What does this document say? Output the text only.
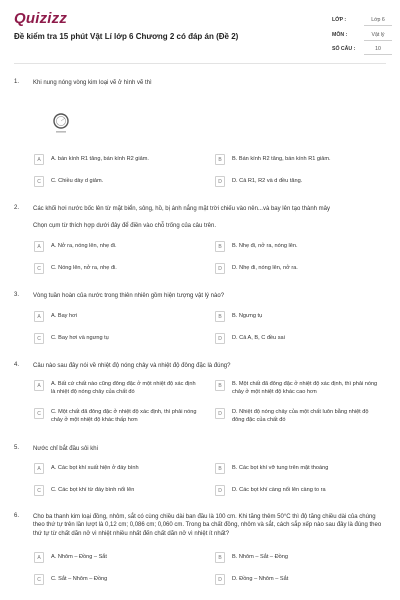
Quizizz
Đề kiểm tra 15 phút Vật Lí lớp 6 Chương 2 có đáp án (Đề 2)
LỚP :	Lớp 6
MÔN :	Vật lý
SỐ CÂU :	10
1. Khi nung nóng vòng kim loại vẽ ở hình vẽ thì
A	A. bán kính R1 tăng, bán kính R2 giảm.	B	B. Bán kính R2 tăng, bán kính R1 giảm.
C	C. Chiều dày d giảm.	D	D. Cả R1, R2 và d đều tăng.
2. Các khối hơi nước bốc lên từ mặt biển, sông, hồ, bị ánh nắng mặt trời chiếu vào nên...và bay lên tạo thành mây
Chọn cụm từ thích hợp dưới đây để điền vào chỗ trống của câu trên.
A	A. Nở ra, nóng lên, nhẹ đi.	B	B. Nhẹ đi, nở ra, nóng lên.
C	C. Nóng lên, nở ra, nhẹ đi.	D	D. Nhẹ đi, nóng lên, nở ra.
3. Vòng tuần hoàn của nước trong thiên nhiên gồm hiện tượng vật lý nào?
A	A. Bay hơi	B	B. Ngưng tụ
C	C. Bay hơi và ngưng tụ	D	D. Cả A, B, C đều sai
4. Câu nào sau đây nói về nhiệt độ nóng chảy và nhiệt độ đông đặc là đúng?
A	A. Bất cứ chất nào cũng đông đặc ở một nhiệt độ xác định là nhiệt độ nóng chảy của chất đó
B	B. Một chất đã đông đặc ở nhiệt độ xác định, thì phải nóng chảy ở một nhiệt độ khác cao hơn
C	C. Một chất đã đông đặc ở nhiệt độ xác định, thì phải nóng chảy ở một nhiệt độ khác thấp hơn
D	D. Nhiệt độ nóng chảy của một chất luôn bằng nhiệt độ đông đặc của chất đó
5. Nước chỉ bắt đầu sôi khi
A	A. Các bọt khí xuất hiện ở đáy bình	B	B. Các bọt khí vỡ tung trên mặt thoáng
C	C. Các bọt khí từ đáy bình nổi lên	D	D. Các bọt khí càng nổi lên càng to ra
6. Cho ba thanh kim loại đồng, nhôm, sắt có cùng chiều dài ban đầu là 100 cm. Khi tăng thêm 50°C thì độ tăng chiều dài của chúng theo thứ tự trên lần lượt là 0,12 cm; 0,086 cm; 0,060 cm. Trong ba chất đồng, nhôm và sắt, cách sắp xếp nào sau đây là đúng theo thứ tự từ chất dãn nở vì nhiệt nhiều nhất đến chất dãn nở vì nhiệt ít nhất?
A	A. Nhôm – Đồng – Sắt	B	B. Nhôm – Sắt – Đồng
C	C. Sắt – Nhôm – Đồng	D	D. Đồng – Nhôm – Sắt
